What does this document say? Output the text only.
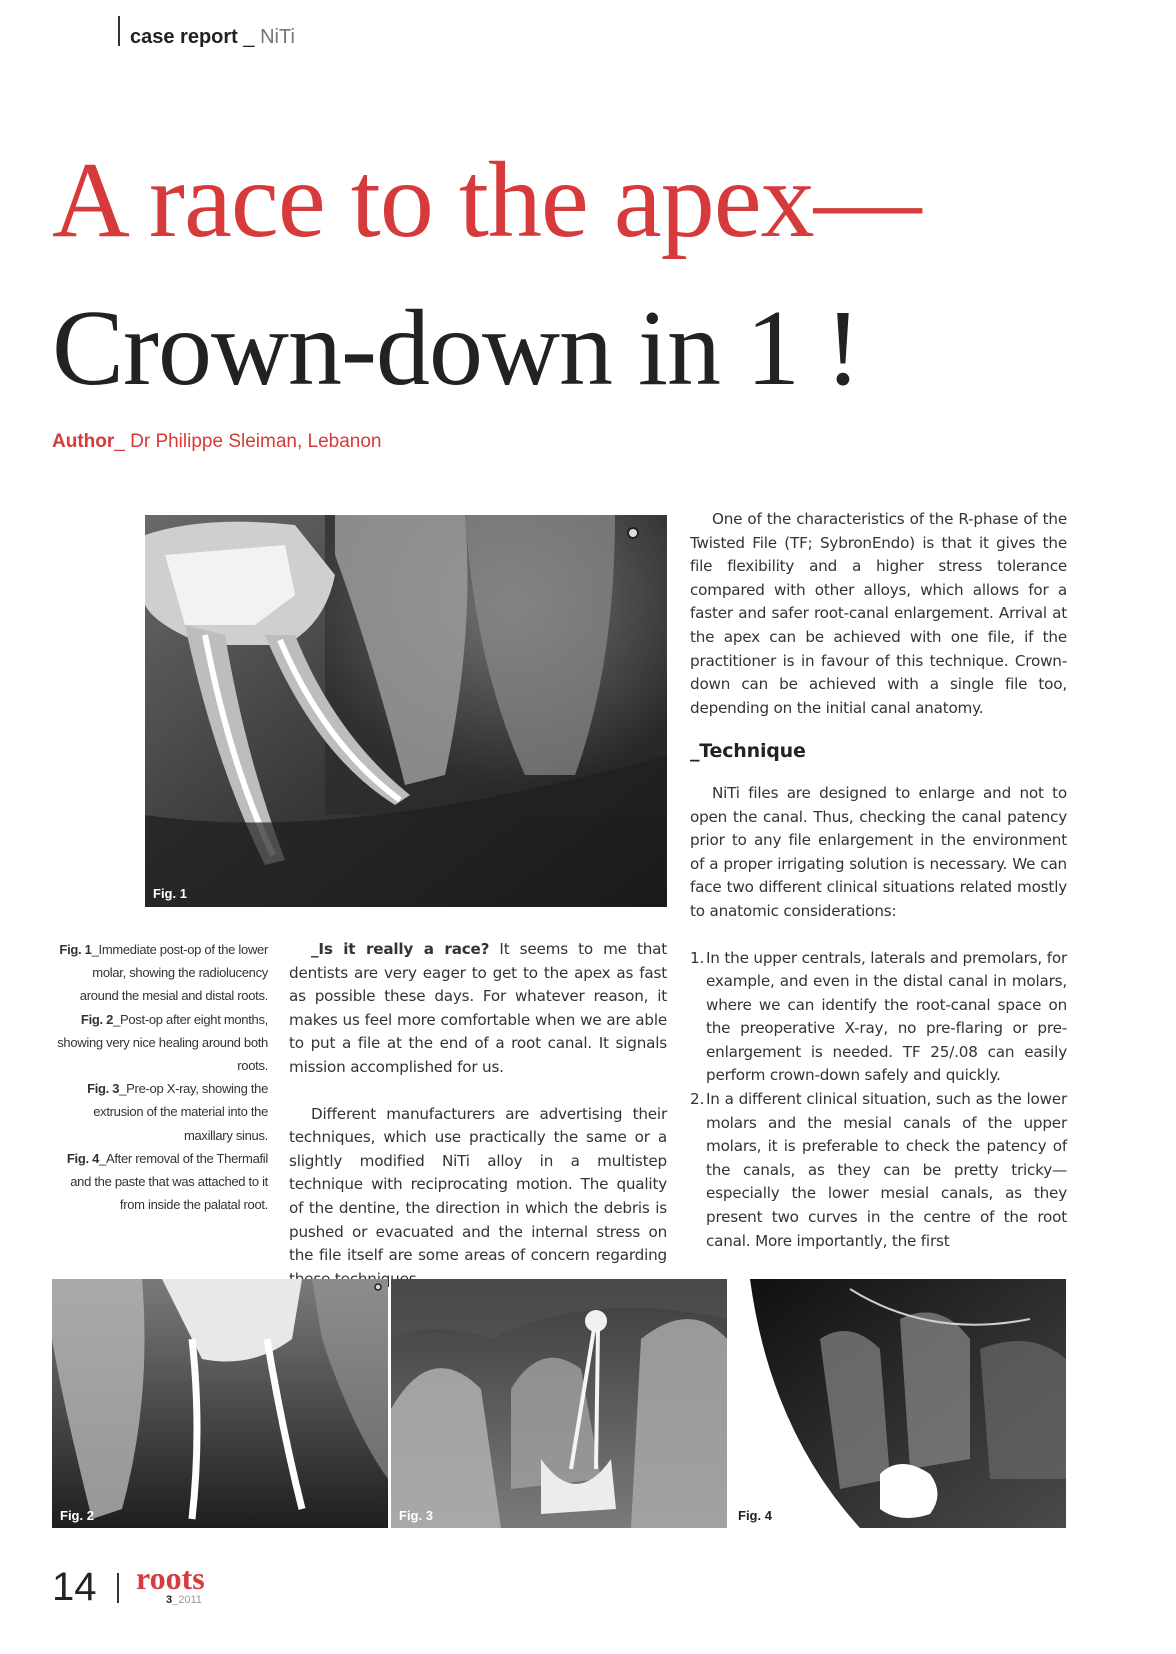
case report _ NiTi
A race to the apex—
Crown-down in 1 !
Author_ Dr Philippe Sleiman, Lebanon
Fig. 1
Fig. 1_Immediate post-op of the lower molar, showing the radiolucency around the mesial and distal roots.
Fig. 2_Post-op after eight months, showing very nice healing around both roots.
Fig. 3_Pre-op X-ray, showing the extrusion of the material into the maxillary sinus.
Fig. 4_After removal of the Thermafil and the paste that was attached to it from inside the palatal root.

_Is it really a race? It seems to me that dentists are very eager to get to the apex as fast as possible these days. For whatever reason, it makes us feel more comfortable when we are able to put a file at the end of a root canal. It signals mission accomplished for us.

Different manufacturers are advertising their techniques, which use practically the same or a slightly modified NiTi alloy in a multistep technique with reciprocating motion. The quality of the dentine, the direction in which the debris is pushed or evacuated and the internal stress on the file itself are some areas of concern regarding

One of the characteristics of the R-phase of the Twisted File (TF; SybronEndo) is that it gives the file flexibility and a higher stress tolerance compared with other alloys, which allows for a faster and safer root-canal enlargement. Arrival at the apex can be achieved with one file, if the practitioner is in favour of this technique. Crown-down can be achieved with a single file too, depending on the initial canal anatomy.

_Technique

NiTi files are designed to enlarge and not to open the canal. Thus, checking the canal patency prior to any file enlargement in the environment of a proper irrigating solution is necessary. We can face two different clinical situations related mostly to anatomic considerations:

1. In the upper centrals, laterals and premolars, for example, and even in the distal canal in molars, where we can identify the root-canal space on the preoperative X-ray, no pre-flaring or pre-enlargement is needed. TF 25/.08 can easily perform crown-down safely and quickly.
2. In a different clinical situation, such as the lower molars and the mesial canals of the upper molars, it is preferable to check the patency of the canals, as they can be pretty tricky—especially the lower mesial canals, as they present two curves in the centre of the root canal. More importantly, the first
Fig. 2	Fig. 3	Fig. 4
14 roots
3_2011
